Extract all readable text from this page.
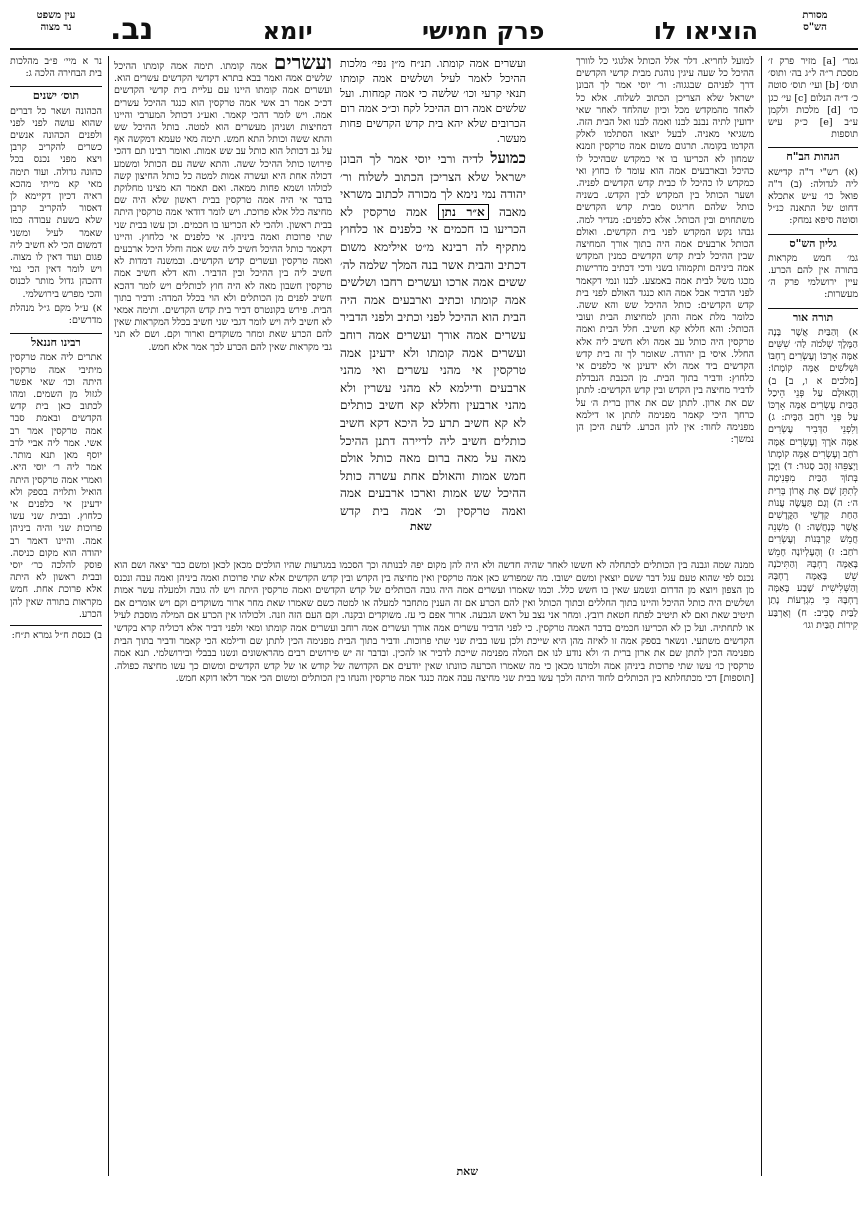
מסורת
הש"ס
הוציאו לו
פרק חמישי
יומא
נב.
עין משפט
נר מצוה

גמר׳ [a] מזיר פרק ז׳ מסכת ר״ה ל״ג בה׳ ותוס׳ תוס׳ [b] ועי׳ תוס׳ סוטה כ׳ ד״ה הנלום [c] עי׳ כגן כו׳ [d] מלכות ולקמן ע״ב [e] כ״ק עיש תוספות

הגהות הב"ח

(א) רש"י ד"ה קדישא ליה לגדולה: (ב) ד"ה פואל כו׳ ע״ש אתכלא דחוט של התאנה כנ״ל וסוטה סיפא נמחק:

גליון הש"ס

גמ׳ חמש מקראות בתורה אין להם הכרע. עיין ירושלמי פרק ה׳ מעשרות:

תורה אור

א) וְהַבַּיִת אֲשֶׁר בָּנָה הַמֶּלֶךְ שְׁלֹמֹה לַה׳ שִׁשִּׁים אַמָּה אָרְכּוֹ וְעֶשְׂרִים רָחְבּוֹ וּשְׁלֹשִׁים אַמָּה קוֹמָתוֹ: [מלכים א ו, ב] ב) וְהָאוּלָם עַל פְּנֵי הֵיכַל הַבַּיִת עֶשְׂרִים אַמָּה אָרְכּוֹ עַל פְּנֵי רֹחַב הַבָּיִת: ג) וְלִפְנֵי הַדְּבִיר עֶשְׂרִים אַמָּה אֹרֶךְ וְעֶשְׂרִים אַמָּה רֹחַב וְעֶשְׂרִים אַמָּה קוֹמָתוֹ וַיְצַפֵּהוּ זָהָב סָגוּר: ד) וַיָּכֶן בְּתוֹךְ הַבַּיִת מִפְּנִימָה לְתִתֵּן שָׁם אֶת אֲרוֹן בְּרִית ה׳: ה) וְגַם תַּעֲשֶׂה עֲנוֹת הַחַת קַדְשֵׁי הַקֳּדָשִׁים אֲשֶׁר כְּנָחֲשָׁה: ו) מִשְׁנֵה חֲמֵשׁ קַרְבְּנוֹת וְעֶשְׂרִים רֹחַב: ז) וְהָעֶלְיוֹנָה חָמֵשׁ בָּאַמָּה רָחְבָּהּ וְהַתִּיכֹנָה שֵׁשׁ בָּאַמָּה רָחְבָּהּ וְהַשְּׁלִישִׁית שֶׁבַע בָּאַמָּה רָחְבָּהּ כִּי מִגְרָעוֹת נָתַן לַבַּיִת סָבִיב: ח) וְאַרְבַּע קִירוֹת הַבַּיִת וגו׳

נר א מיי׳ פ״ב מהלכות בית הבחירה הלכה ג:

תוס׳ ישנים

הכהונה ושאר כל דברים שהוא עושה לפני לפני ולפנים הכהונה אנשים כשרים להקריב קרבן ויצא מפני נכנס בכל כהונה גדולה. ועוד תימה מאי קא מייתי מהכא ראיה דכיון דקיימא לן דאסור להקריב קרבן שלא בשעת עבודה כמו שאמר לעיל ומשני דמשום הכי לא חשיב ליה פגום ועוד דאין לו מצוה. ויש לומר דאין הכי נמי דהכהן גדול מותר לכנוס והכי מפרש בירושלמי.

א) ע״ל מקם ג״ל מנהלת מדרשים:

רבינו חננאל

אתרים ליה אמה טרקסין מיתיבי אמה טרקסין היתה וכו׳ שאי אפשר לגזול מן השמים. ומהו לכתוב כאן בית קדש הקדשים ובאמת סבר אמה טרקסין אמר רב אשי. אמר ליה אביי לרב יוסף מאן תנא מותר. אמר ליה ר׳ יוסי היא. ואמרי אמה טרקסין היתה הואיל ותלויה בספק ולא ידעינן אי כלפנים אי כלחוץ. ובבית שני עשו פרוכות שני והיה ביניהן אמה. והיינו דאמר רב יהודה הוא מקום כניסה. פוסק להלכה כר׳ יוסי ובבית ראשון לא היתה אלא פרוכת אחת. חמש מקראות בתורה שאין להן הכרע.

ב) כנסת ח״ל גמרא ת״ח:

למועל לחריא. דלר אלל הכותל אלגוגי כל לוורך ההיכל כל שעה עיגין נוהגת מבית קדשי הקדשים דרך לפניהם שבגגוה: ור׳ יוסי אמר לך הבונן ישראל שלא הצריכן הכתוב לשלוח. אלא כל לאחד מהמקדש מכל וכיון שהלחד לאחר שאי ידועין לתיה נבנב לבנו ואמה לבנו ואל הבית הזה. משגיאי מאניה. לבעל יוצאו הסתלמו לאלק הקדמו בקומה. תרגום משום אמה טרקסין וזמנא שמחון לא הכריעו בו אי כמקדש שבהיכל לו כהיכל ובארבעים אמה הוא עומד לו כחוץ ואי כמקדש לו כהיכל לו כבית קדש הקדשים לפניה. ושער הכותל בין המקדש לבין הקדש. בשניה כותל שלהם חריגוס מבית קדש הקדשים משתחוים ובין הכותל. אלא כלפנים: מנדיר למה. גבהו נקש המקדש לפני בית הקדשים. ואולם הכותל ארבעים אמה היה בתוך אורך המחיצה שבין ההיכל לבית קדש הקדשים כמנין המקדש אמה ביניהם ותקמוהו בשני ודכי דכתיב מדרישות מכגו משל לבית אמה באמצע. לבנו ונמי דקאמר לפני הדביר אבל אמה הוא כנגד האולם לפני בית קדש הקדשים: כותל ההיכל שש והא ששה. כלומר מלת אמה והתן למחיצות הבית ועובי הכותל: והא חללא קא חשיב. חלל הבית ואמה טרקסין היה כותל עב אמה ולא חשיב ליה אלא החלל. איסי בן יהודה. שאומר לך זה בית קדש הקדשים ביד אמה ולא ידעינן אי כלפנים אי כלחוץ: ודביר בתוך הבית. מן הכנבת הנבדלת לדביר מחיצה בין הקדש ובין קדש הקדשים: לתתן שם את ארון. לתתן שם את ארון ברית ה׳ על כרחך היכי קאמר מפנימה לתתן או דילמא מפנימה לחוד: אין להן הכרע. לדעת היכן הן נמשך:

ועשרים אמה קומתו. תימה אמה קומתו ההיכל שלשים אמה ואמר בבא בתרא דקדשי הקדשים עשרים הוא. ועשרים אמה קומתו היינו עם עליית בית קדשי הקדשים דכ״כ אמר רב אשי אמה טרקסין הוא כנגד ההיכל עשרים אמה. ויש לומר דהכי קאמר. ואע״ג דכותל המערבי והיינו דמחיצות ושניהן מעשרים הוא למטה. בותל ההיכל שש והתא ששה וכותל התא חמש. תימה מאי טעמא דמקשה אף על גב דכותל הוא כותל עב שש אמות. ואומר רבינו תם דהכי פירושו כותל ההיכל ששה. והתא ששה עם הכותל ומשמע דכולה אחת היא ועשרה אמות למטה כל כותל החיצון קשה לכולהו ושמא פחות ממאה. ואם תאמר הא מצינו מחלוקת בדבר אי היה אמה טרקסין בבית ראשון שלא היה שם מחיצה כלל אלא פרוכת. ויש לומר דודאי אמה טרקסין היתה בבית ראשון. ולהכי לא הכריעו בו חכמים. וכן עשו בבית שני שתי פרוכות ואמה ביניהן. אי כלפנים אי כלחוץ. והיינו דקאמר כותל ההיכל חשיב ליה שש אמה וחלל היכל ארבעים ואמה טרקסין ועשרים קדש הקדשים. ובמשנה דמדות לא חשיב ליה בין ההיכל ובין הדביר. והא דלא חשיב אמה טרקסין חשבון מאה לא היה חוץ לכותלים ויש לומר דהכא חשיב לפנים מן הכותלים ולא הוי בכלל המדה: ודביר בתוך הבית. פירש בקונטרס דביר בית קדש הקדשים. ותימה אמאי לא חשיב ליה ויש לומר דגבי שני חשיב בכלל המקראות שאין להם הכרע שאת ומחר משוקדים וארור וקם. ושם לא תני גבי מקראות שאין להם הכרע לכך אמר אלא חמש.

ועשרים אמה קומתו. תנ״ח מ״ן נפי׳ מלכות ההיכל לאמר לעיל ושלשים אמה קומתו תנאי קרעי וכו׳ שלשה כי אמה קמחות. ועל שלשים אמה רום ההיכל לקח וכ״כ אמה רום הכרובים שלא יהא בית קדש הקדשים פחות מעשר.
כמועל לדיה ורבי יוסי אמר לך הבונן ישראל שלא הצריכן הכתוב לשלוח ור׳ יהודה נמי נימא לך מכורה לכתוב משראי מאבה א״ר נתן אמה טרקסין לא הכריעו בו חכמים אי כלפנים או כלחוץ מתקיף לה רבינא מ״ט אילימא משום דכתיב והבית אשר בנה המלך שלמה לה׳ ששים אמה ארכו ועשרים רחבו ושלשים אמה קומתו וכתיב וארבעים אמה היה הבית הוא ההיכל לפני וכתיב ולפני הדביר עשרים אמה אורך ועשרים אמה רוחב ועשרים אמה קומתו ולא ידעינן אמה טרקסין אי מהני עשרים ואי מהני ארבעים ודילמא לא מהני עשרין ולא מהני ארבעין וחללא קא חשיב כותלים לא קא חשיב תרע כל היכא דקא חשיב כותלים חשיב ליה לדיירה דתנן ההיכל מאה על מאה ברום מאה כותל אולם חמש אמות והאולם אחת עשרה כותל ההיכל שש אמות וארכו ארבעים אמה ואמה טרקסין וכ׳ אמה בית קדש
שאת
ממנה שמה וגבנה בין הכותלים לכתחלה לא חששו לאחר שהיה חדשה ולא היה להן מקום יפה לבנותה וכך הסכמו במגרעות שהיו הולכים מכאן לכאן ומשם כבר יצאה ושם הוא נכנס לפי שהוא טעם עגל דבר ששם יוצאין ומשם ישובו. מה שמפורש כאן אמה טרקסין ואין מחיצה בין הקדש ובין קדש הקדשים אלא שתי פרוכות ואמה ביניהן ואמה עבה ונכנס מן הצפון ויוצא מן הדרום ונשמע שאין בו חשש כלל. וכמו שאמרו ועשרים אמה היה גובה הכותלים של קדש הקדשים ואמה טרקסין היתה ויש לה גובה ולמעלה עשר אמות ושלשים היה כותל ההיכל והיינו בתוך החללים ובתוך הכותל ואין להם הכרע אם זה הענין מתחבר למעלה או למטה כשם שאמרו שאת מחר ארור משוקדים וקם ויש אומרים אם תיטיב שאת ואם לא תיטיב לפתח חטאת רובץ. ומחר אני נצב על ראש הגבעה. ארור אפם כי עז. משוקדים ובקנה. וקם העם הזה וזנה. ולכולהו אין הכרע אם המילה מוסבת לעיל או לתחתיה. ועל כן לא הכריעו חכמים בדבר האמה טרקסין. כי לפני הדביר עשרים אמה אורך ועשרים אמה רוחב ועשרים אמה קומתו ומאי ולפני דביר אלא דכוליה קרא בקדשי הקדשים משתעי. ונשאר בספק אמה זו לאיזה מהן היא שייכת ולכן עשו בבית שני שתי פרוכות. ודביר בתוך הבית מפנימה הכין לתתן שם ודילמא הכי קאמר ודביר בתוך הבית מפנימה הכין לתתן שם את ארון ברית ה׳ ולא נודע לנו אם המלה מפנימה שייכת לדביר או להכין. ובדבר זה יש פירושים רבים מהראשונים ונשנו בבבלי ובירושלמי. תנא אמה טרקסין כו׳ עשו שתי פרוכות ביניהן אמה ולמדנו מכאן כי מה שאמרו הכרעה כוונתו שאין יודעים אם הקדושה של קודש או של קדש הקדשים ומשום כך עשו מחיצה כפולה. [תוספות] דכי מכתחלתא בין הכותלים לחוד היתה ולכך עשו בבית שני מחיצה עבה אמה כנגד אמה טרקסין והנחו בין הכותלים ומשום הכי אמר דלאו דוקא חמש.
שאת
